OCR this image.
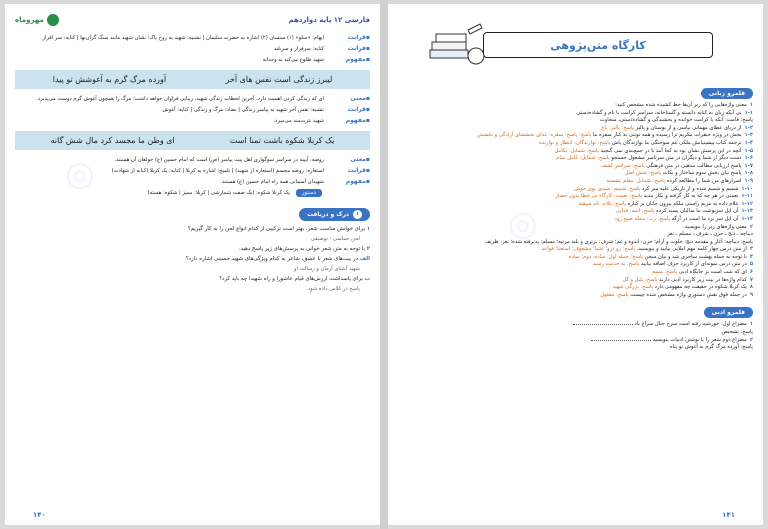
◎
فارسی ۱۲ پایه دوازدهم
مهروماه
▪قرابت
ایهام: «سلو» (۱) سنسان (۲) اشاره به حضرت سلیمان | تشبیه: شهید به روح پاک؛ نشان شهید مانند سنگ گران‌بها | کنایه: سر افراز
▪قرابت
کنایه: سرفراز و سربلند
▪مفهوم
شهید طلوع می‌کند به وجدانه
لیبرز زندگی است نفس های آخر
آورده مرگ گرم به آغوشش تو پیدا
▪معنی
ای که زندگی کردن اهمیت دارد، آخرین لحظات زندگی شهید، زیبایی فراوان خواهد داشت؛ مرگ را همچون آغوش گرم دوست می‌پذیرد.
▪قرابت
تشبیه: نفس آخر شهید به پیامبر زندگی | تضاد: مرگ و زندگی | کنایه: آغوش
▪مفهوم
شهید عزت‌مند می‌میرد.
یک کربلا شکوه باشت تمنا است
ای وطن ما مجسد کرد مال شش گانه
▪معنی
روضه: آیینه در سراسر سوگواری اهل بیت پیامبر (ص) است که امام حسین (ع) خواهان آن هستند.
▪قرابت
استعاره: روضه مجسم (استعاره از شهید) | تلمیح: اشاره به کربلا | کنایه: یک کربلا (کنایه از شهادت)
▪مفهوم
شهیدان آسمانی همه راه امام حسین (ع) هستند.
دستور
یک کربلا شکوه: (یک صفت شمارشی | کربلا: ممیز | شکوه: هسته)
۱
درک و دریافت
۱ برای خوانش مناسب شعر، بهتر است ترکیبی از کدام انواع لحن را به کار گیریم؟
لحن حماسی - توصیفی
۲ با توجه به متن شعر خوانی به پرسش‌های زیر پاسخ دهید.
الف در بیت‌های شعر با عشق، شاعر به کدام ویژگی‌های شهید حسینی اشاره دارد؟
شهید آشنای آرمان و رسالت او
ب برای پاسداشت ارزش‌های قیام عاشورا و راه شهیدا چه باید کرد؟
پاسخ در کلاس داده شود.
۱۴۰
◎
کارگاه متن‌پژوهی
قلمرو زبانی
۱معنی واژه‌هایی را که زیر آن‌ها خط کشیده شده مشخص کنید:
۱-۱بی آنکه زبان به کنایه دانسته و گستاخانه، سراسر کرامت با نام و گشاده‌دستی
پاسخ: قامت: آنکه با کرامت خوانده و بخشندگی و گشاده‌دستی، سخاوت
۱-۲از دریای عطای مهمانی بپاسی و از بوستان و پالیز پاسخ: پالیز: باغ
۱-۳بخش در ویژه حبقرات مکریم ترا رسیده و همه نوبتی به کنار سفره ما پاسخ: پاسخ: سفره: غذای بخششای آزادگی و بخشش
۱-۴ترجمه کتاب پیشینیانش ملکی غم سوختگی ما نوازندگان باش پاسخ: نوازندگان: انتظار و نوازنده
۱-۵آنچه در این پرسش نشان بود به کجا آمد تا در جمع‌بندی نمی گنجید پاسخ: شمایل: تکامل
۱-۶دست دیگر از شما و دیگران در متن سرتاسر مشغول جستجو پاسخ: شمایل: کامل تمام
۱-۷پاسخ ارزیابی مطالب مذهبی در متن فرهنگی پاسخ: سراسر کشف
۱-۸پاسخ بیان بخش سوم ساختار و نکات پاسخ: شش اصل
۱-۹اسرارهای من شما را مطالعه کرده پاسخ: شمایل: معلم نشسته
۱-۱۰شمیم و شمیم شده و از تاریکی علیه میر کرد پاسخ: شمیم: شیدی بوی خوش
۱-۱۱نعمتی در هر چه که به کار گرفته و بکار بندید پاسخ: نعمت: کارگاه بی خطا بدون حصار
۱-۱۲غلام داده به مریم راستی ملکه بیرون جانان بر کناره پاسخ: غلام: نام شیفته
۱-۱۳آن ایل سرنوشت ما سالیان پسند کرده پاسخ: اثنیه: فدایی
۱-۱۴آن ایل سر برد ما است در آرگه پاسخ: رب: مجله صبح رود
۲معنی واژه‌های زیر را بنویسید.
دیباچه ـ دنج ـ حزن ـ شرف ـ مسلم ـ نغز
پاسخ: دیباچه: آغاز و مقدمه دنج: خلوت و آرام؛ حزن: اندوه و غم؛ شرف: برتری و بلند مرتبه؛ مسلم: پذیرفته شده؛ نغز: ظریف
۳از متن درس چهار کلمه مهم املایی بیابید و بنویسید. پاسخ: رو درو؛ اشیا؛ مشعوف؛ استغنا؛ قواعد
۴با توجه به جمله بهشت ساحری شد و بیان سخن پاسخ: جمله اول: ساده، دوم: ساده
۵در متن درس نمونه‌ای از کاربرد حرف اضافه بیابید پاسخ: به خدمت رسید
۶ای که شب است بر جایگاه ادبی پاسخ: متمم
۷کدام واژه‌ها در بیت زیر کاربرد ادبی دارند پاسخ: بلبل و گل
۸یک کربلا شکوه در حقیقت چه مفهومی دارد پاسخ: بزرگی شهید
۹در جمله فوق نقش دستوری واژه مشخص شده چیست پاسخ: مفعول
قلمرو ادبی
۱مصراع اول: خورشید رفته است سرخ جبال سراغ باد
پاسخ: تشخیص
۲مصراع دوم شعر را با نوشتن ادبیات بنویسید
پاسخ: آورده مرگ گرم به آغوش تو پناه
۱۴۱
